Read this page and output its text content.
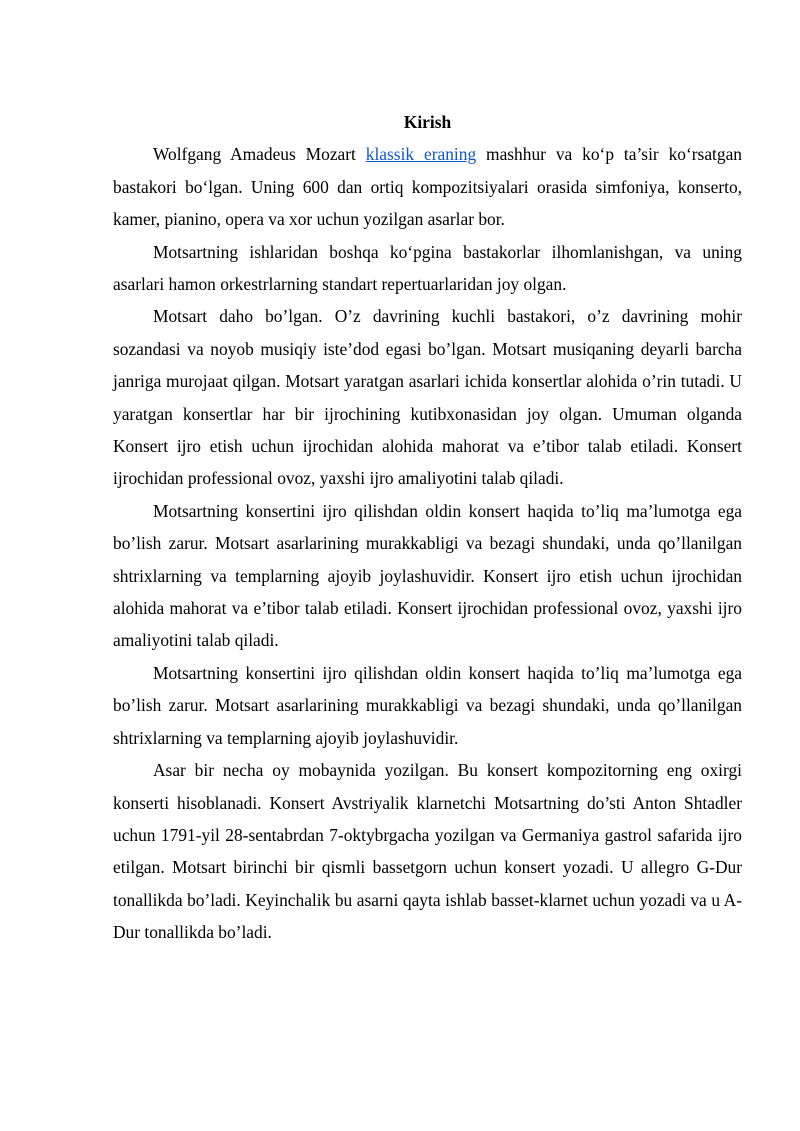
Kirish

Wolfgang Amadeus Mozart klassik eraning mashhur va ko‘p ta’sir ko‘rsatgan bastakori bo‘lgan. Uning 600 dan ortiq kompozitsiyalari orasida simfoniya, konserto, kamer, pianino, opera va xor uchun yozilgan asarlar bor.

Motsartning ishlaridan boshqa ko‘pgina bastakorlar ilhomlanishgan, va uning asarlari hamon orkestrlarning standart repertuarlaridan joy olgan.

Motsart daho bo’lgan. O’z davrining kuchli bastakori, o’z davrining mohir sozandasi va noyob musiqiy iste’dod egasi bo’lgan. Motsart musiqaning deyarli barcha janriga murojaat qilgan. Motsart yaratgan asarlari ichida konsertlar alohida o’rin tutadi. U yaratgan konsertlar har bir ijrochining kutibxonasidan joy olgan. Umuman olganda Konsert ijro etish uchun ijrochidan alohida mahorat va e’tibor talab etiladi. Konsert ijrochidan professional ovoz, yaxshi ijro amaliyotini talab qiladi.

Motsartning konsertini ijro qilishdan oldin konsert haqida to’liq ma’lumotga ega bo’lish zarur. Motsart asarlarining murakkabligi va bezagi shundaki, unda qo’llanilgan shtrixlarning va templarning ajoyib joylashuvidir. Konsert ijro etish uchun ijrochidan alohida mahorat va e’tibor talab etiladi. Konsert ijrochidan professional ovoz, yaxshi ijro amaliyotini talab qiladi.

Motsartning konsertini ijro qilishdan oldin konsert haqida to’liq ma’lumotga ega bo’lish zarur. Motsart asarlarining murakkabligi va bezagi shundaki, unda qo’llanilgan shtrixlarning va templarning ajoyib joylashuvidir.

Asar bir necha oy mobaynida yozilgan. Bu konsert kompozitorning eng oxirgi konserti hisoblanadi. Konsert Avstriyalik klarnetchi Motsartning do’sti Anton Shtadler uchun 1791-yil 28-sentabrdan 7-oktybrgacha yozilgan va Germaniya gastrol safarida ijro etilgan. Motsart birinchi bir qismli bassetgorn uchun konsert yozadi. U allegro G-Dur tonallikda bo’ladi. Keyinchalik bu asarni qayta ishlab basset-klarnet uchun yozadi va u A-Dur tonallikda bo’ladi.
